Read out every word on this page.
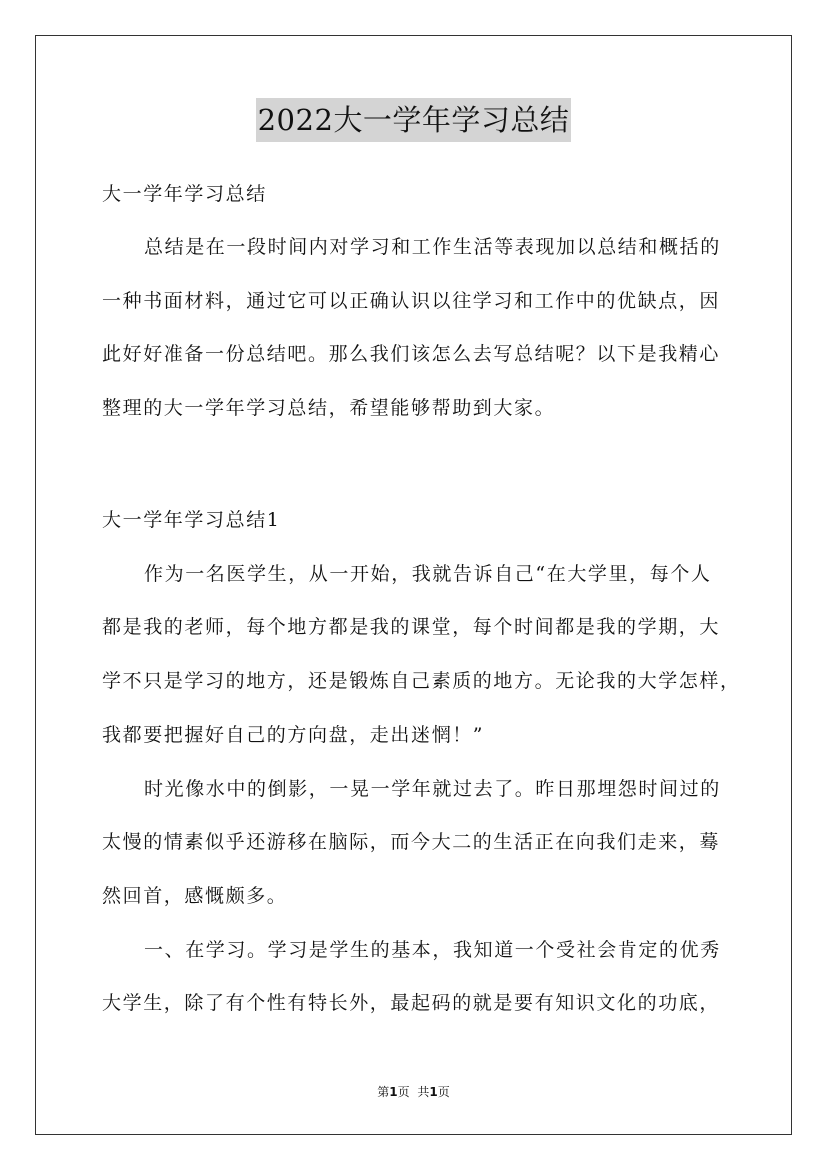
2022大一学年学习总结

大一学年学习总结

总结是在一段时间内对学习和工作生活等表现加以总结和概括的

一种书面材料，通过它可以正确认识以往学习和工作中的优缺点，因

此好好准备一份总结吧。那么我们该怎么去写总结呢？以下是我精心

整理的大一学年学习总结，希望能够帮助到大家。

大一学年学习总结1

作为一名医学生，从一开始，我就告诉自己“在大学里，每个人

都是我的老师，每个地方都是我的课堂，每个时间都是我的学期，大

学不只是学习的地方，还是锻炼自己素质的地方。无论我的大学怎样，

我都要把握好自己的方向盘，走出迷惘！”

时光像水中的倒影，一晃一学年就过去了。昨日那埋怨时间过的

太慢的情素似乎还游移在脑际，而今大二的生活正在向我们走来，蓦

然回首，感慨颇多。

一、在学习。学习是学生的基本，我知道一个受社会肯定的优秀

大学生，除了有个性有特长外，最起码的就是要有知识文化的功底，

第1页 共1页
